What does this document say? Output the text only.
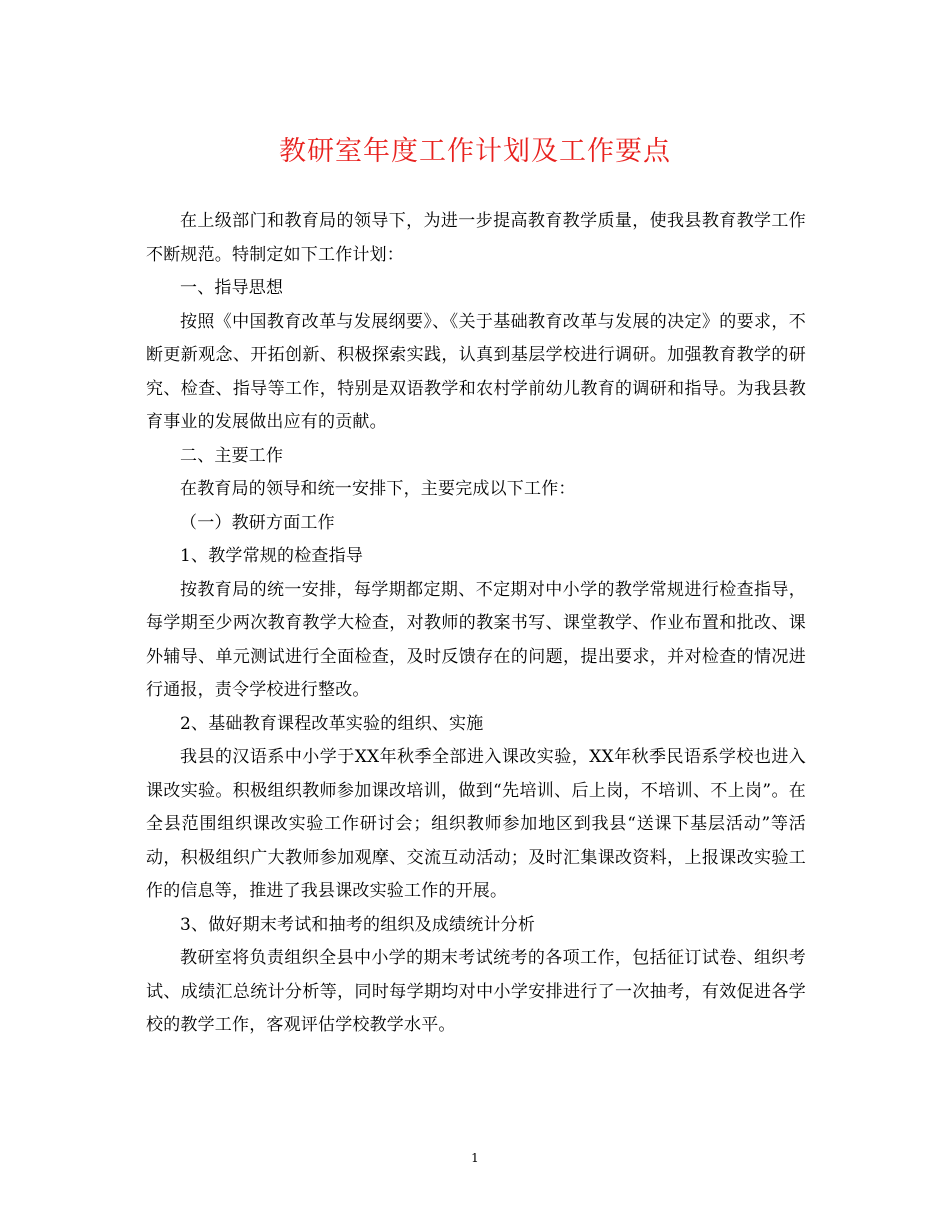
教研室年度工作计划及工作要点

在上级部门和教育局的领导下，为进一步提高教育教学质量，使我县教育教学工作不断规范。特制定如下工作计划：

一、指导思想

按照《中国教育改革与发展纲要》、《关于基础教育改革与发展的决定》的要求，不断更新观念、开拓创新、积极探索实践，认真到基层学校进行调研。加强教育教学的研究、检查、指导等工作，特别是双语教学和农村学前幼儿教育的调研和指导。为我县教育事业的发展做出应有的贡献。

二、主要工作

在教育局的领导和统一安排下，主要完成以下工作：

（一）教研方面工作

1、教学常规的检查指导

按教育局的统一安排，每学期都定期、不定期对中小学的教学常规进行检查指导，每学期至少两次教育教学大检查，对教师的教案书写、课堂教学、作业布置和批改、课外辅导、单元测试进行全面检查，及时反馈存在的问题，提出要求，并对检查的情况进行通报，责令学校进行整改。

2、基础教育课程改革实验的组织、实施

我县的汉语系中小学于XX年秋季全部进入课改实验，XX年秋季民语系学校也进入课改实验。积极组织教师参加课改培训，做到“先培训、后上岗，不培训、不上岗”。在全县范围组织课改实验工作研讨会；组织教师参加地区到我县“送课下基层活动”等活动，积极组织广大教师参加观摩、交流互动活动；及时汇集课改资料，上报课改实验工作的信息等，推进了我县课改实验工作的开展。

3、做好期末考试和抽考的组织及成绩统计分析

教研室将负责组织全县中小学的期末考试统考的各项工作，包括征订试卷、组织考试、成绩汇总统计分析等，同时每学期均对中小学安排进行了一次抽考，有效促进各学校的教学工作，客观评估学校教学水平。

1
